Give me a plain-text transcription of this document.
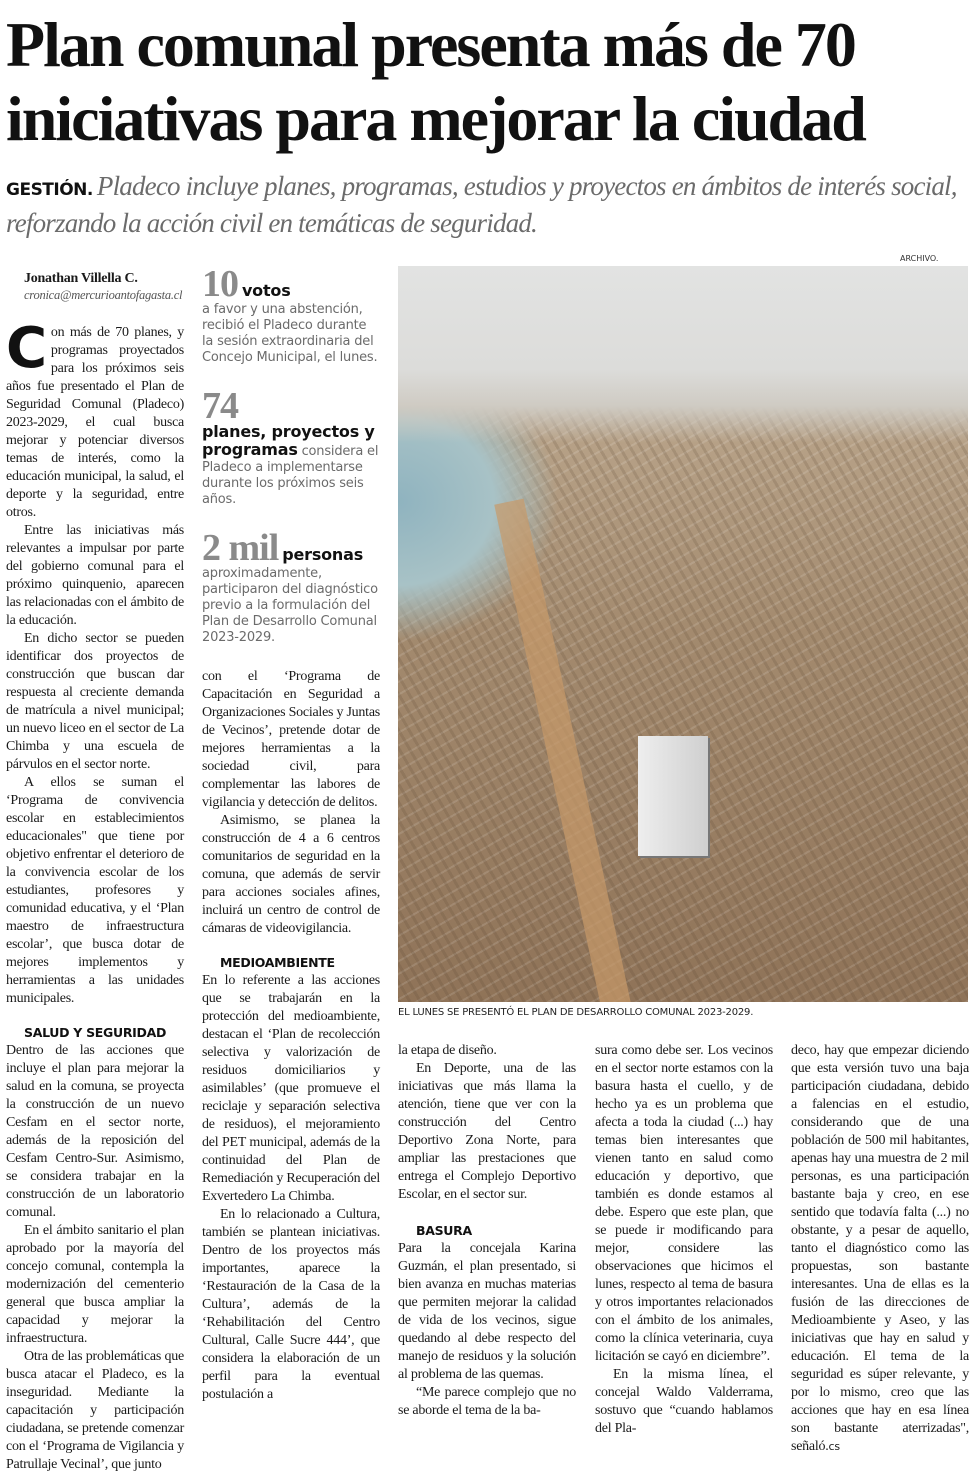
Plan comunal presenta más de 70 iniciativas para mejorar la ciudad

GESTIÓN. Pladeco incluye planes, programas, estudios y proyectos en ámbitos de interés social, reforzando la acción civil en temáticas de seguridad.

Jonathan Villella C.

cronica@mercurioantofagasta.cl

Con más de 70 planes, y programas proyectados para los próximos seis años fue presentado el Plan de Seguridad Comunal (Pladeco) 2023-2029, el cual busca mejorar y potenciar diversos temas de interés, como la educación municipal, la salud, el deporte y la seguridad, entre otros.

Entre las iniciativas más relevantes a impulsar por parte del gobierno comunal para el próximo quinquenio, aparecen las relacionadas con el ámbito de la educación.

En dicho sector se pueden identificar dos proyectos de construcción que buscan dar respuesta al creciente demanda de matrícula a nivel municipal; un nuevo liceo en el sector de La Chimba y una escuela de párvulos en el sector norte.

A ellos se suman el ‘Programa de convivencia escolar en establecimientos educacionales" que tiene por objetivo enfrentar el deterioro de la convivencia escolar de los estudiantes, profesores y comunidad educativa, y el ‘Plan maestro de infraestructura escolar’, que busca dotar de mejores implementos y herramientas a las unidades municipales.

SALUD Y SEGURIDAD

Dentro de las acciones que incluye el plan para mejorar la salud en la comuna, se proyecta la construcción de un nuevo Cesfam en el sector norte, además de la reposición del Cesfam Centro-Sur. Asimismo, se considera trabajar en la construcción de un laboratorio comunal.

En el ámbito sanitario el plan aprobado por la mayoría del concejo comunal, contempla la modernización del cementerio general que busca ampliar la capacidad y mejorar la infraestructura.

Otra de las problemáticas que busca atacar el Pladeco, es la inseguridad. Mediante la capacitación y participación ciudadana, se pretende comenzar con el ‘Programa de Vigilancia y Patrullaje Vecinal’, que junto

10 votos
a favor y una abstención, recibió el Pladeco durante la sesión extraordinaria del Concejo Municipal, el lunes.
74
planes, proyectos y programas considera el Pladeco a implementarse durante los próximos seis años.
2 mil personas
aproximadamente, participaron del diagnóstico previo a la formulación del Plan de Desarrollo Comunal 2023-2029.

con el ‘Programa de Capacitación en Seguridad a Organizaciones Sociales y Juntas de Vecinos’, pretende dotar de mejores herramientas a la sociedad civil, para complementar las labores de vigilancia y detección de delitos.

Asimismo, se planea la construcción de 4 a 6 centros comunitarios de seguridad en la comuna, que además de servir para acciones sociales afines, incluirá un centro de control de cámaras de videovigilancia.

MEDIOAMBIENTE

En lo referente a las acciones que se trabajarán en la protección del medioambiente, destacan el ‘Plan de recolección selectiva y valorización de residuos domiciliarios y asimilables’ (que promueve el reciclaje y separación selectiva de residuos), el mejoramiento del PET municipal, además de la continuidad del Plan de Remediación y Recuperación del Exvertedero La Chimba.

En lo relacionado a Cultura, también se plantean iniciativas. Dentro de los proyectos más importantes, aparece la ‘Restauración de la Casa de la Cultura’, además de la ‘Rehabilitación del Centro Cultural, Calle Sucre 444’, que considera la elaboración de un perfil para la eventual postulación a

ARCHIVO.
EL LUNES SE PRESENTÓ EL PLAN DE DESARROLLO COMUNAL 2023-2029.

la etapa de diseño.

En Deporte, una de las iniciativas que más llama la atención, tiene que ver con la construcción del Centro Deportivo Zona Norte, para ampliar las prestaciones que entrega el Complejo Deportivo Escolar, en el sector sur.

BASURA

Para la concejala Karina Guzmán, el plan presentado, si bien avanza en muchas materias que permiten mejorar la calidad de vida de los vecinos, sigue quedando al debe respecto del manejo de residuos y la solución al problema de las quemas.

“Me parece complejo que no se aborde el tema de la ba-

sura como debe ser. Los vecinos en el sector norte estamos con la basura hasta el cuello, y de hecho ya es un problema que afecta a toda la ciudad (...) hay temas bien interesantes que vienen tanto en salud como educación y deportivo, que también es donde estamos al debe. Espero que este plan, que se puede ir modificando para mejor, considere las observaciones que hicimos el lunes, respecto al tema de basura y otros importantes relacionados con el ámbito de los animales, como la clínica veterinaria, cuya licitación se cayó en diciembre”.

En la misma línea, el concejal Waldo Valderrama, sostuvo que “cuando hablamos del Pla-

deco, hay que empezar diciendo que esta versión tuvo una baja participación ciudadana, debido a falencias en el estudio, considerando que de una población de 500 mil habitantes, apenas hay una muestra de 2 mil personas, es una participación bastante baja y creo, en ese sentido que todavía falta (...) no obstante, y a pesar de aquello, tanto el diagnóstico como las propuestas, son bastante interesantes. Una de ellas es la fusión de las direcciones de Medioambiente y Aseo, y las iniciativas que hay en salud y educación. El tema de la seguridad es súper relevante, y por lo mismo, creo que las acciones que hay en esa línea son bastante aterrizadas", señaló.cs
